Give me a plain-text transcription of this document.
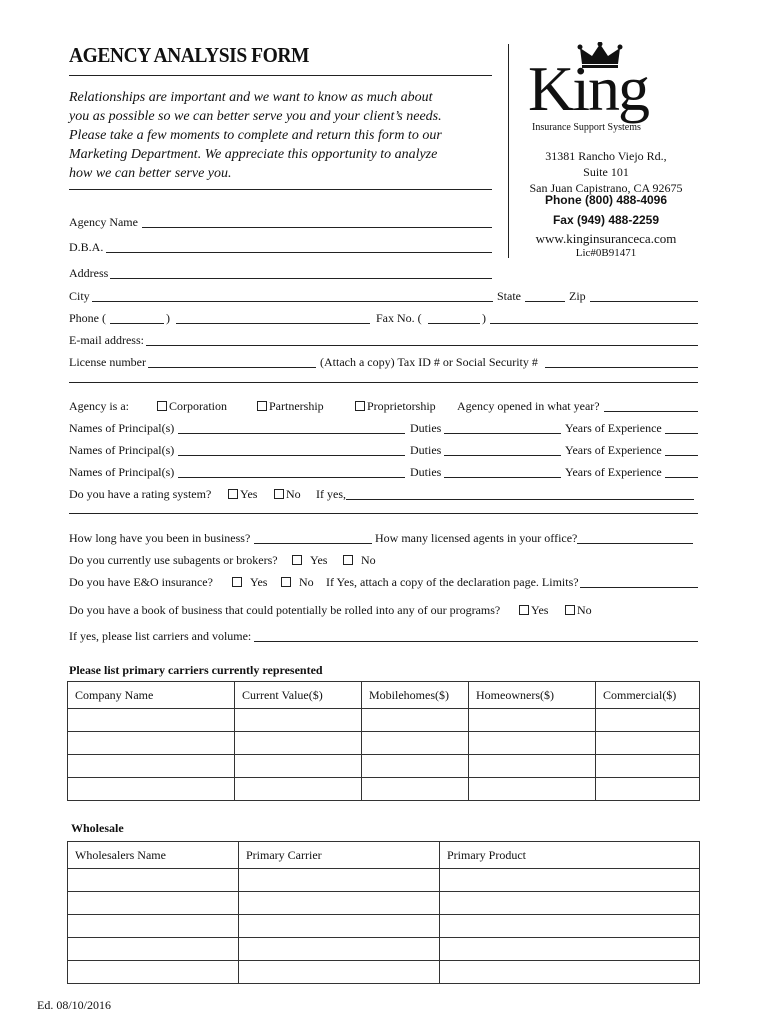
AGENCY ANALYSIS FORM

Relationships are important and we want to know as much about

you as possible so we can better serve you and your client’s needs.

Please take a few moments to complete and return this form to our

Marketing Department. We appreciate this opportunity to analyze

how we can better serve you.

King
Insurance Support Systems
31381 Rancho Viejo Rd.,
Suite 101
San Juan Capistrano, CA 92675
Phone (800) 488-4096
Fax (949) 488-2259
www.kinginsuranceca.com
Lic#0B91471
Agency Name
D.B.A.
Address
City	State	Zip
Phone (	)	Fax No. (	)
E-mail address:
License number	(Attach a copy) Tax ID # or Social Security #
Agency is a:	Corporation	Partnership	Proprietorship Agency opened in what year?
Names of Principal(s)	Duties	Years of Experience
Names of Principal(s)	Duties	Years of Experience
Names of Principal(s)	Duties	Years of Experience
Do you have a rating system?	Yes	No If yes,
How long have you been in business?	How many licensed agents in your office?
Do you currently use subagents or brokers?	Yes	No
Do you have E&O insurance?	Yes	No If Yes, attach a copy of the declaration page. Limits?
Do you have a book of business that could potentially be rolled into any of our programs?	Yes	No
If yes, please list carriers and volume:
Please list primary carriers currently represented
Company Name	Current Value($)	Mobilehomes($)	Homeowners($)	Commercial($)

Wholesale
Wholesalers Name	Primary Carrier	Primary Product

Ed. 08/10/2016
